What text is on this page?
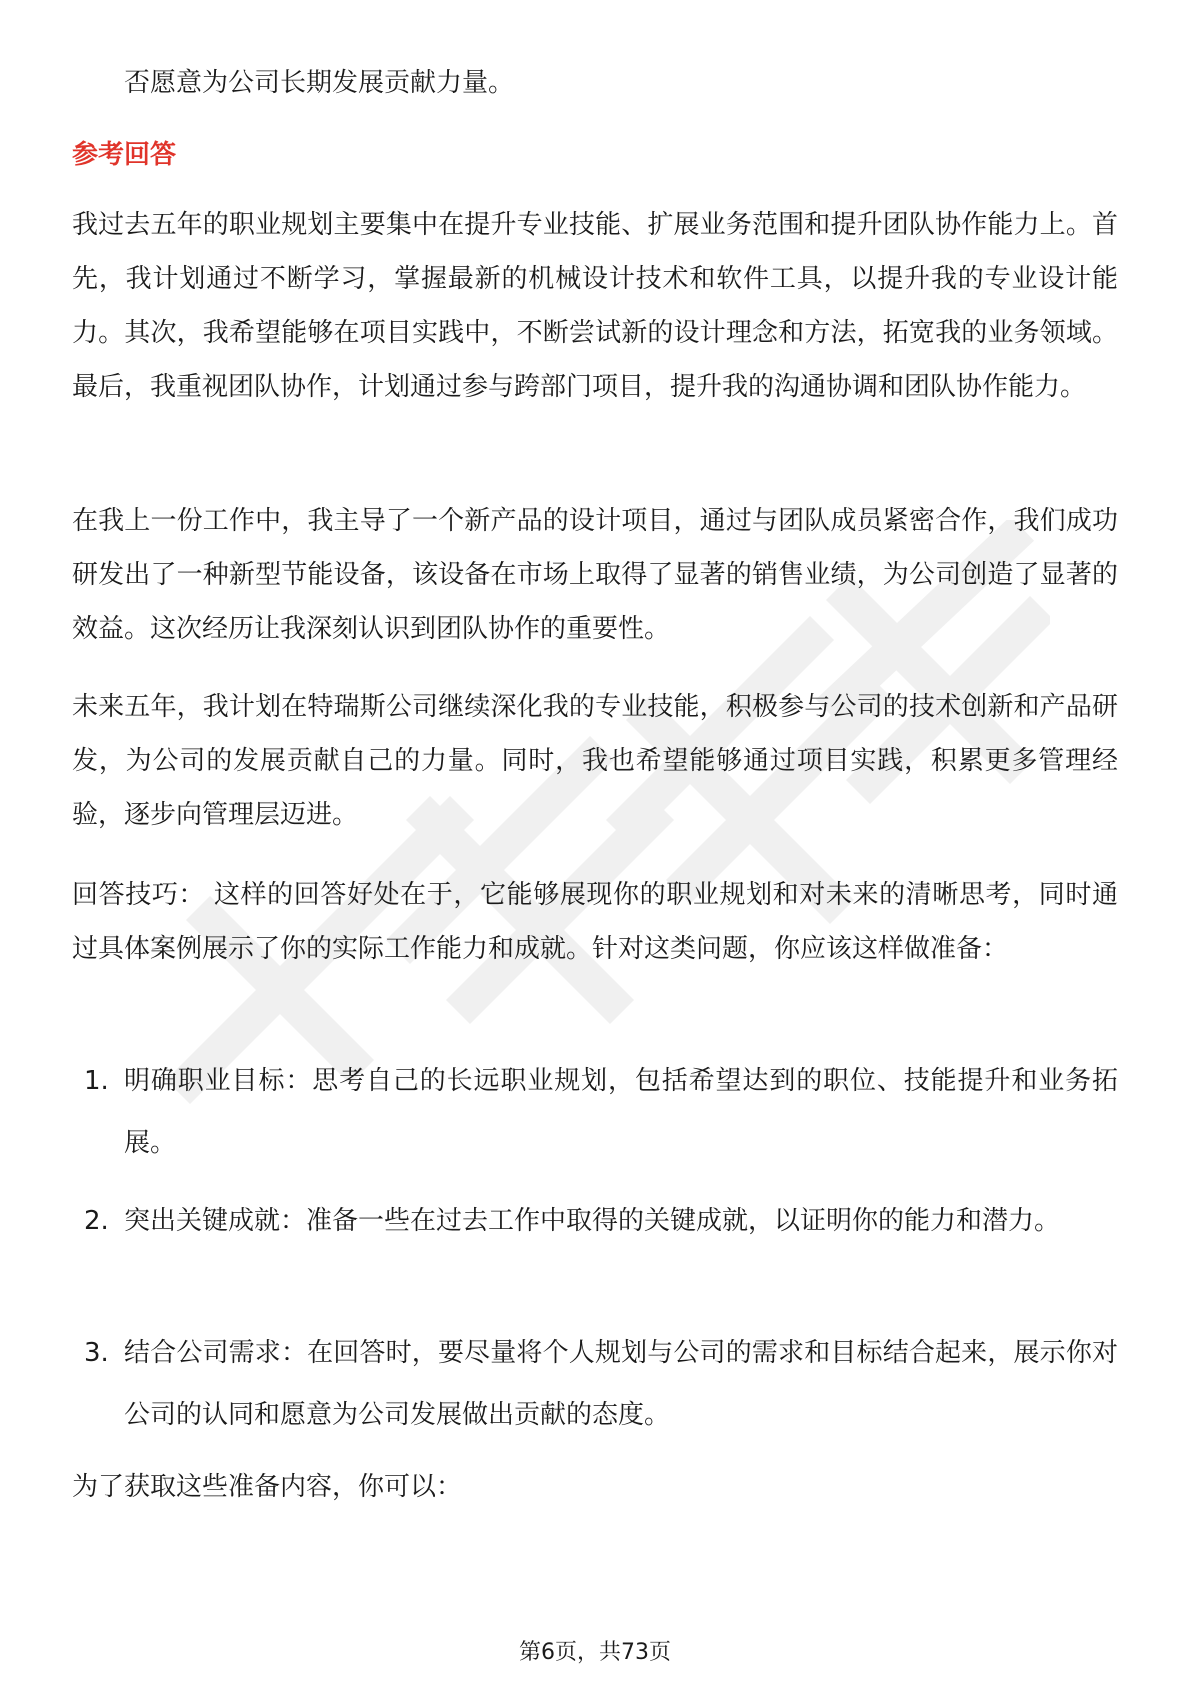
否愿意为公司长期发展贡献力量。

参考回答

我过去五年的职业规划主要集中在提升专业技能、扩展业务范围和提升团队协作能力上。首先，我计划通过不断学习，掌握最新的机械设计技术和软件工具，以提升我的专业设计能力。其次，我希望能够在项目实践中，不断尝试新的设计理念和方法，拓宽我的业务领域。最后，我重视团队协作，计划通过参与跨部门项目，提升我的沟通协调和团队协作能力。

在我上一份工作中，我主导了一个新产品的设计项目，通过与团队成员紧密合作，我们成功研发出了一种新型节能设备，该设备在市场上取得了显著的销售业绩，为公司创造了显著的效益。这次经历让我深刻认识到团队协作的重要性。

未来五年，我计划在特瑞斯公司继续深化我的专业技能，积极参与公司的技术创新和产品研发，为公司的发展贡献自己的力量。同时，我也希望能够通过项目实践，积累更多管理经验，逐步向管理层迈进。

回答技巧： 这样的回答好处在于，它能够展现你的职业规划和对未来的清晰思考，同时通过具体案例展示了你的实际工作能力和成就。针对这类问题，你应该这样做准备：

1. 明确职业目标：思考自己的长远职业规划，包括希望达到的职位、技能提升和业务拓展。
2. 突出关键成就：准备一些在过去工作中取得的关键成就，以证明你的能力和潜力。
3. 结合公司需求：在回答时，要尽量将个人规划与公司的需求和目标结合起来，展示你对公司的认同和愿意为公司发展做出贡献的态度。

为了获取这些准备内容，你可以：

第6页，共73页
